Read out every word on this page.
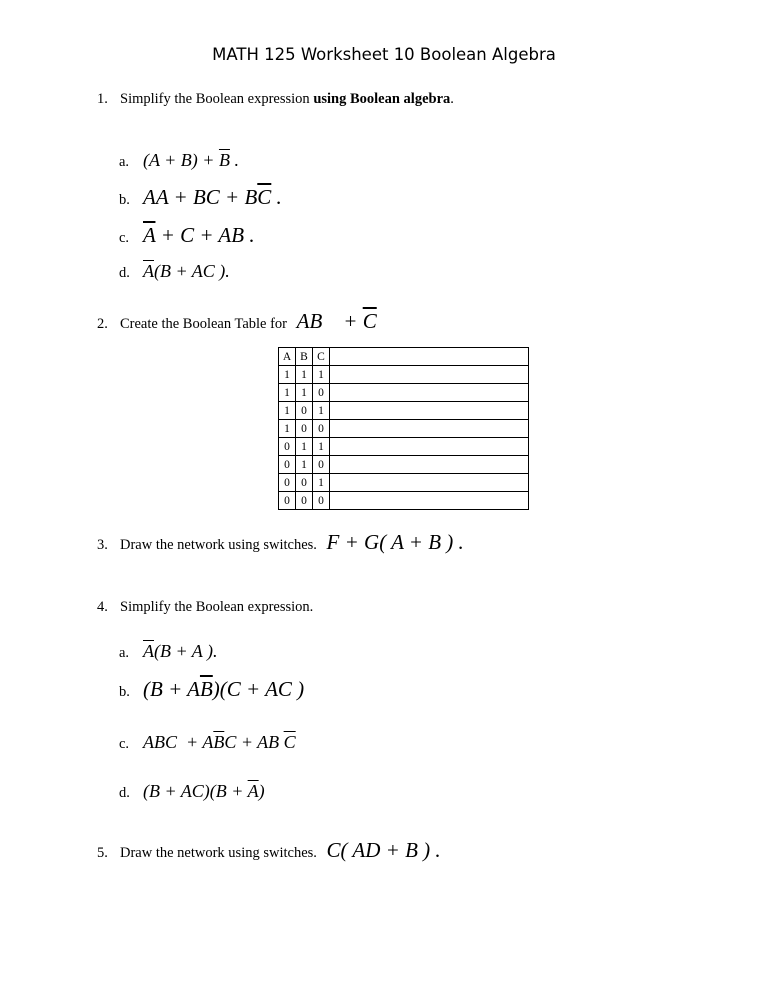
MATH 125 Worksheet 10 Boolean Algebra
1. Simplify the Boolean expression using Boolean algebra.
a. $(A + B) + \overline{B}$ .
b. AA + BC + $B\overline{C}$ .
c. $\overline{A} + C$ + AB .
d. $\overline{A}(B$ + AC ).
2. Create the Boolean Table for AB    + $\overline{C}$
A	B	C	
1	1	1	
1	1	0	
1	0	1	
1	0	0	
0	1	1	
0	1	0	
0	0	1	
0	0	0	
3. Draw the network using switches. F + G( A + B ) .
4. Simplify the Boolean expression.
a. $\overline{A}(B + A$ ).
b. $(B + A\overline{B})(C$ + AC )
c. ABC  + $A\overline{B}C$ + AB $\overline{C}$
d. $(B + AC)(B + \overline{A})$
5. Draw the network using switches. C( AD + B ) .
